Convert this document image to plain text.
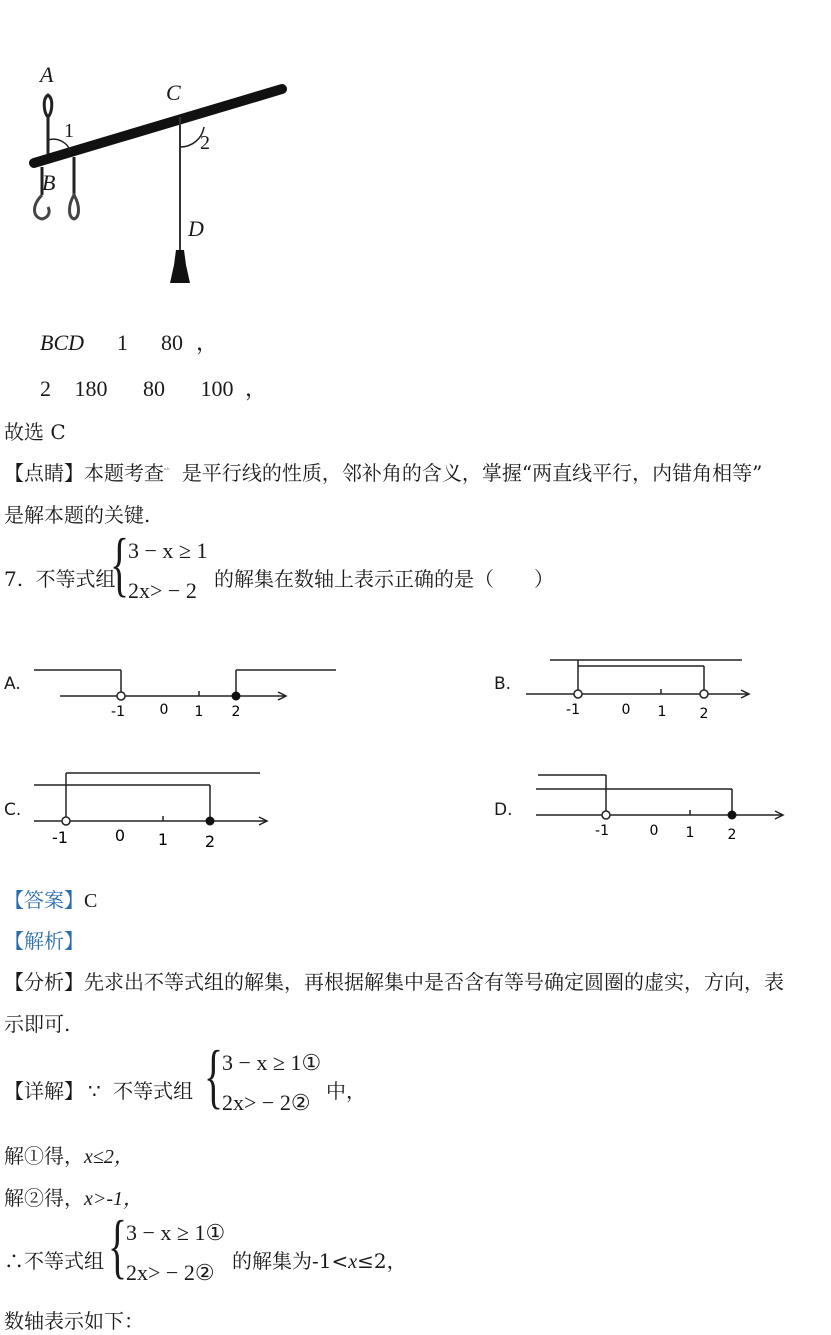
A
B
C
D
1
2
BCD 1 80 ，
2 180 80 100 ，
故选 C
【点睛】本题考查$^{ᵃᵇ}$ 是平行线的性质，邻补角的含义，掌握“两直线平行，内错角相等”
是解本题的关键.
7. 不等式组
{
3 − x ≥ 1
2x> − 2 的解集在数轴上表示正确的是（　　）
A.
-1 0 1 2
B.
-1	0 1 2
C.
-1	0 1 2
D.
-1	0 1 2
【答案】C
【解析】
【分析】先求出不等式组的解集，再根据解集中是否含有等号确定圆圈的虚实，方向，表
示即可.
【详解】 ∵ 不等式组 {
3 − x ≥ 1①
2x> − 2② 中，
解①得，x≤2，
解②得，x>-1，
∴不等式组 {
3 − x ≥ 1①
2x> − 2② 的解集为-1<x≤2，
数轴表示如下：
